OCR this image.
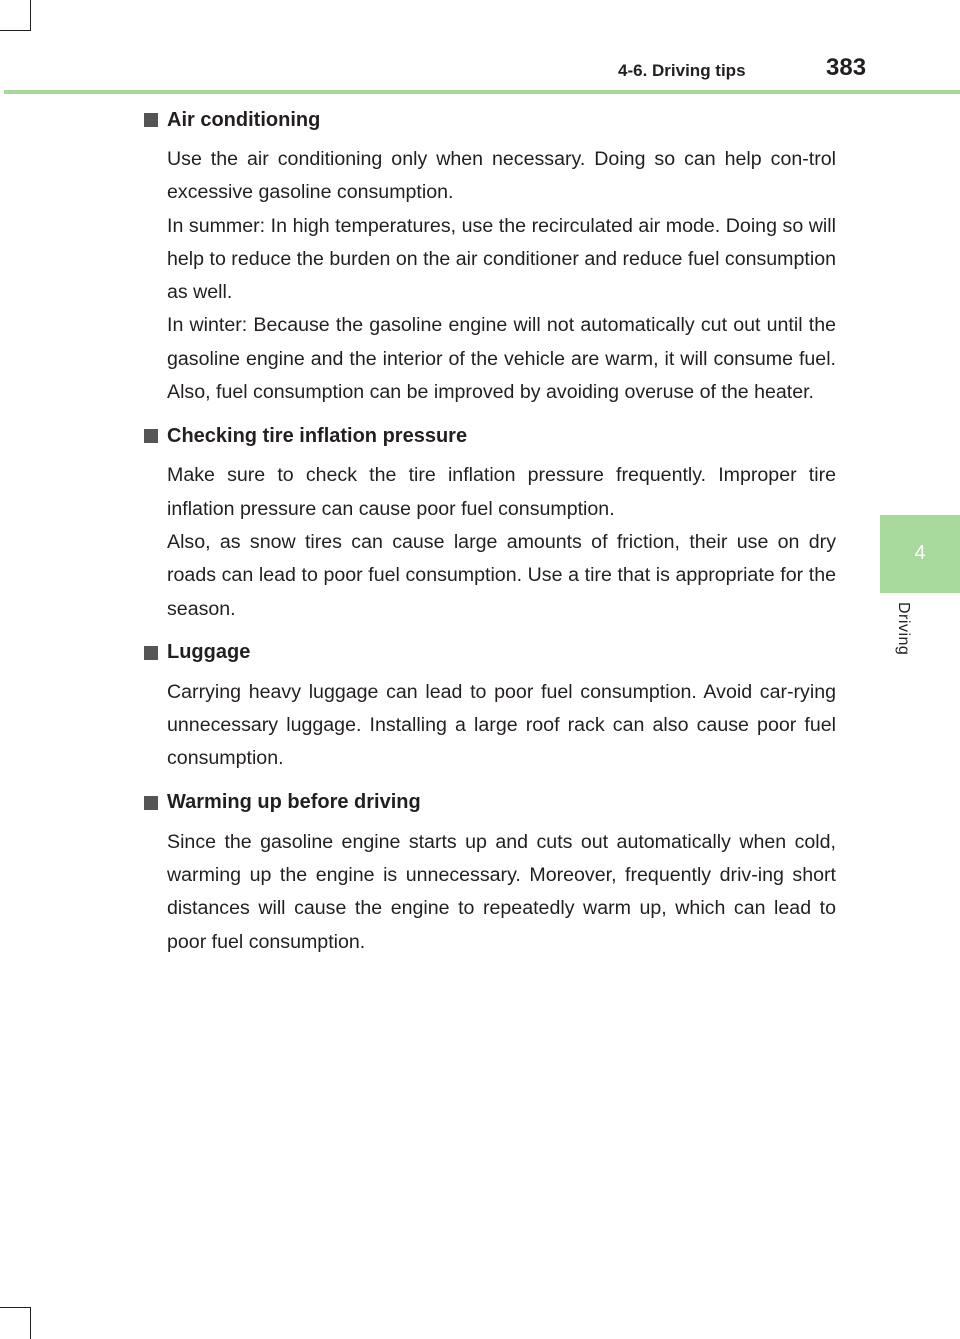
4-6. Driving tips	383
4
Driving
Air conditioning

Use the air conditioning only when necessary. Doing so can help con-trol excessive gasoline consumption.

In summer: In high temperatures, use the recirculated air mode. Doing so will help to reduce the burden on the air conditioner and reduce fuel consumption as well.

In winter: Because the gasoline engine will not automatically cut out until the gasoline engine and the interior of the vehicle are warm, it will consume fuel. Also, fuel consumption can be improved by avoiding overuse of the heater.

Checking tire inflation pressure

Make sure to check the tire inflation pressure frequently. Improper tire inflation pressure can cause poor fuel consumption.

Also, as snow tires can cause large amounts of friction, their use on dry roads can lead to poor fuel consumption. Use a tire that is appropriate for the season.

Luggage

Carrying heavy luggage can lead to poor fuel consumption. Avoid car-rying unnecessary luggage. Installing a large roof rack can also cause poor fuel consumption.

Warming up before driving

Since the gasoline engine starts up and cuts out automatically when cold, warming up the engine is unnecessary. Moreover, frequently driv-ing short distances will cause the engine to repeatedly warm up, which can lead to poor fuel consumption.
